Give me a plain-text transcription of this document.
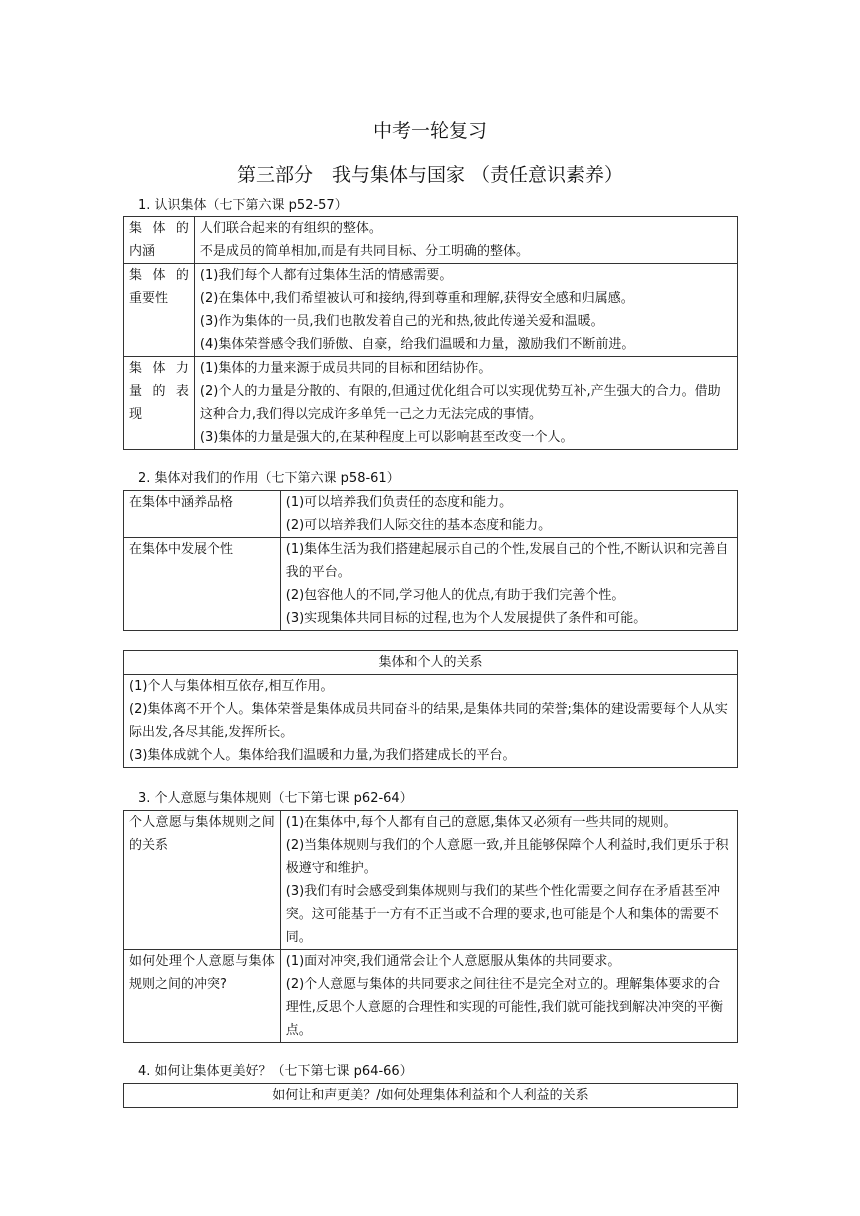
中考一轮复习
第三部分　我与集体与国家 （责任意识素养）
1. 认识集体（七下第六课 p52-57）
集 体 的 内涵	人们联合起来的有组织的整体。
不是成员的简单相加,而是有共同目标、分工明确的整体。

集 体 的 重要性	(1)我们每个人都有过集体生活的情感需要。
(2)在集体中,我们希望被认可和接纳,得到尊重和理解,获得安全感和归属感。
(3)作为集体的一员,我们也散发着自己的光和热,彼此传递关爱和温暖。
(4)集体荣誉感令我们骄傲、自豪，给我们温暖和力量，激励我们不断前进。

集 体 力 量 的 表 现	(1)集体的力量来源于成员共同的目标和团结协作。
(2)个人的力量是分散的、有限的,但通过优化组合可以实现优势互补,产生强大的合力。借助这种合力,我们得以完成许多单凭一己之力无法完成的事情。
(3)集体的力量是强大的,在某种程度上可以影响甚至改变一个人。
2. 集体对我们的作用（七下第六课 p58-61）
在集体中涵养品格	(1)可以培养我们负责任的态度和能力。
(2)可以培养我们人际交往的基本态度和能力。

在集体中发展个性	(1)集体生活为我们搭建起展示自己的个性,发展自己的个性,不断认识和完善自我的平台。
(2)包容他人的不同,学习他人的优点,有助于我们完善个性。
(3)实现集体共同目标的过程,也为个人发展提供了条件和可能。
集体和个人的关系

(1)个人与集体相互依存,相互作用。
(2)集体离不开个人。集体荣誉是集体成员共同奋斗的结果,是集体共同的荣誉;集体的建设需要每个人从实际出发,各尽其能,发挥所长。
(3)集体成就个人。集体给我们温暖和力量,为我们搭建成长的平台。
3. 个人意愿与集体规则（七下第七课 p62-64）
个人意愿与集体规则之间的关系	(1)在集体中,每个人都有自己的意愿,集体又必须有一些共同的规则。
(2)当集体规则与我们的个人意愿一致,并且能够保障个人利益时,我们更乐于积极遵守和维护。
(3)我们有时会感受到集体规则与我们的某些个性化需要之间存在矛盾甚至冲突。这可能基于一方有不正当或不合理的要求,也可能是个人和集体的需要不同。

如何处理个人意愿与集体规则之间的冲突?	(1)面对冲突,我们通常会让个人意愿服从集体的共同要求。
(2)个人意愿与集体的共同要求之间往往不是完全对立的。理解集体要求的合理性,反思个人意愿的合理性和实现的可能性,我们就可能找到解决冲突的平衡点。
4. 如何让集体更美好？（七下第七课 p64-66）
如何让和声更美？/如何处理集体利益和个人利益的关系
